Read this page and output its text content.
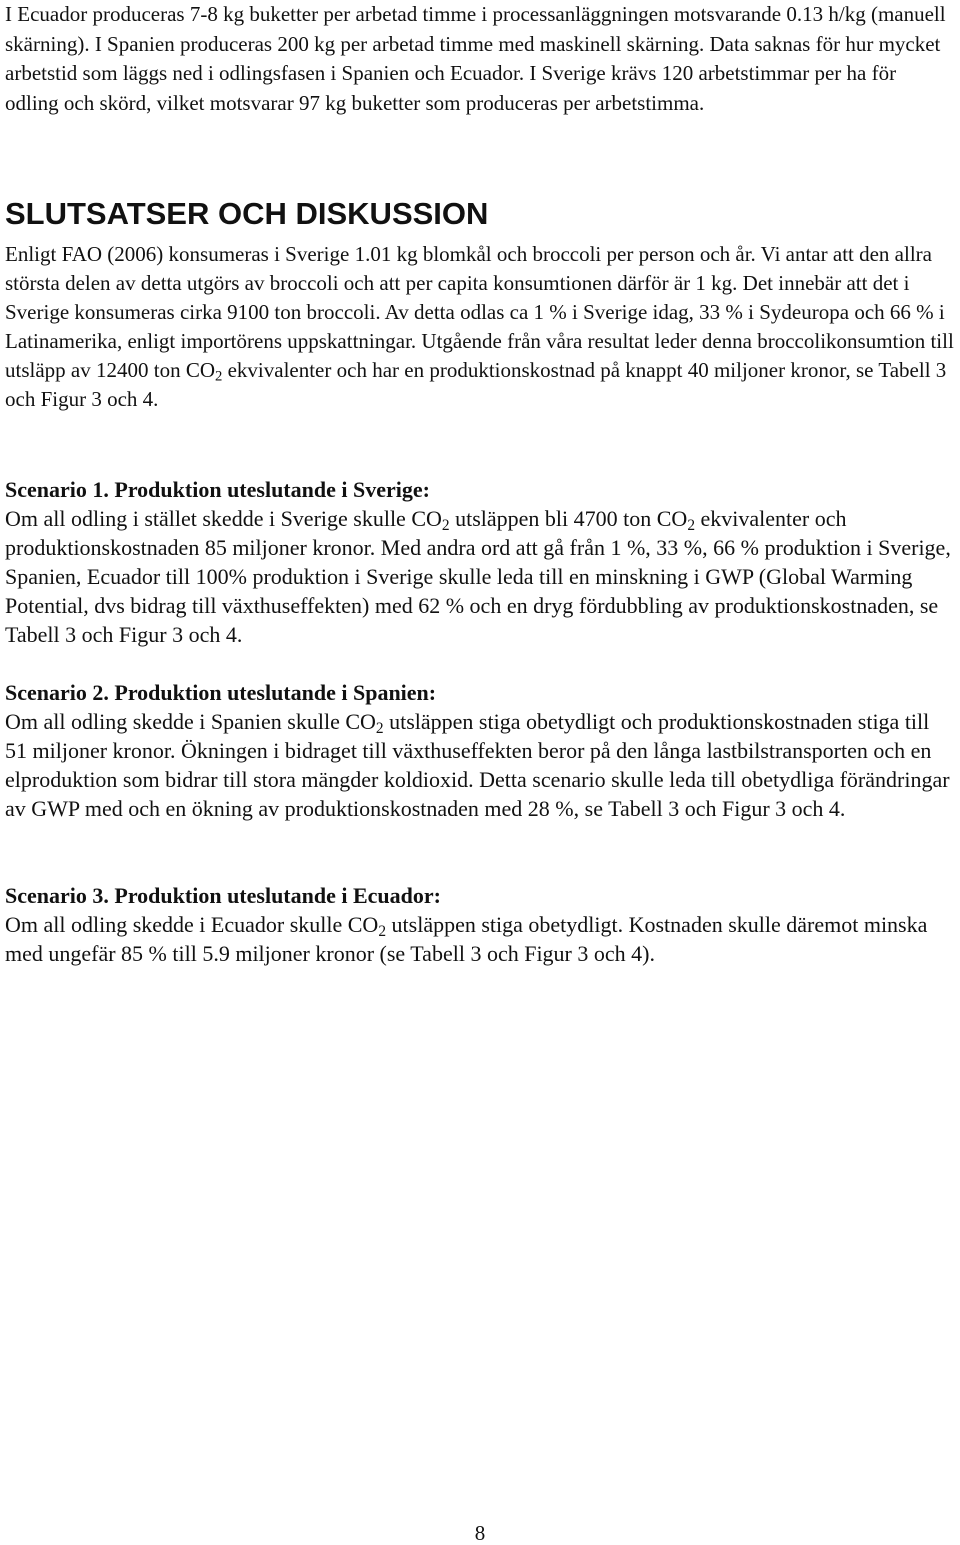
I Ecuador produceras 7-8 kg buketter per arbetad timme i processanläggningen motsvarande 0.13 h/kg (manuell skärning). I Spanien produceras 200 kg per arbetad timme med maskinell skärning. Data saknas för hur mycket arbetstid som läggs ned i odlingsfasen i Spanien och Ecuador. I Sverige krävs 120 arbetstimmar per ha för odling och skörd, vilket motsvarar 97 kg buketter som produceras per arbetstimma.

SLUTSATSER OCH DISKUSSION

Enligt FAO (2006) konsumeras i Sverige 1.01 kg blomkål och broccoli per person och år. Vi antar att den allra största delen av detta utgörs av broccoli och att per capita konsumtionen därför är 1 kg. Det innebär att det i Sverige konsumeras cirka 9100 ton broccoli. Av detta odlas ca 1 % i Sverige idag, 33 % i Sydeuropa och 66 % i Latinamerika, enligt importörens uppskattningar. Utgående från våra resultat leder denna broccolikonsumtion till utsläpp av 12400 ton $CO_2$ ekvivalenter och har en produktionskostnad på knappt 40 miljoner kronor, se Tabell 3 och Figur 3 och 4.

Scenario 1. Produktion uteslutande i Sverige:

Om all odling i stället skedde i Sverige skulle $CO_2$ utsläppen bli 4700 ton $CO_2$ ekvivalenter och produktionskostnaden 85 miljoner kronor. Med andra ord att gå från 1 %, 33 %, 66 % produktion i Sverige, Spanien, Ecuador till 100% produktion i Sverige skulle leda till en minskning i GWP (Global Warming Potential, dvs bidrag till växthuseffekten) med 62 % och en dryg fördubbling av produktionskostnaden, se Tabell 3 och Figur 3 och 4.

Scenario 2. Produktion uteslutande i Spanien:

Om all odling skedde i Spanien skulle $CO_2$ utsläppen stiga obetydligt och produktionskostnaden stiga till 51 miljoner kronor. Ökningen i bidraget till växthuseffekten beror på den långa lastbilstransporten och en elproduktion som bidrar till stora mängder koldioxid. Detta scenario skulle leda till obetydliga förändringar av GWP med och en ökning av produktionskostnaden med 28 %, se Tabell 3 och Figur 3 och 4.

Scenario 3. Produktion uteslutande i Ecuador:

Om all odling skedde i Ecuador skulle $CO_2$ utsläppen stiga obetydligt. Kostnaden skulle däremot minska med ungefär 85 % till 5.9 miljoner kronor (se Tabell 3 och Figur 3 och 4).

8
